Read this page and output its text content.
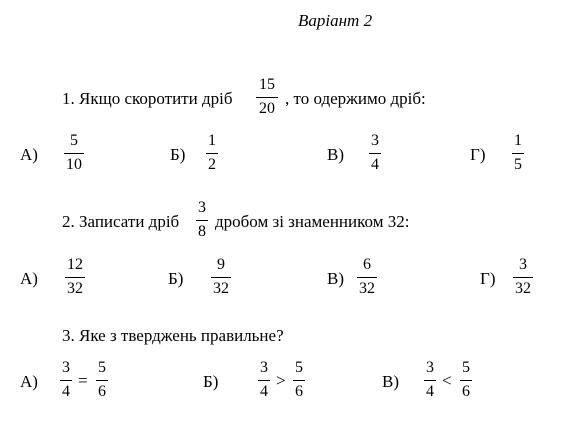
Варіант 2
1. Якщо скоротити дріб
15
20
, то одержимо дріб:
А)
5
10
Б)
1
2
В)
3
4
Г)
1
5
2. Записати дріб
3
8
дробом зі знаменником 32:
А)
12
32
Б)
9
32
В)
6
32
Г)
3
32
3. Яке з тверджень правильне?
А)
3
4
=
5
6
Б)
3
4
>
5
6
В)
3
4
<
5
6
